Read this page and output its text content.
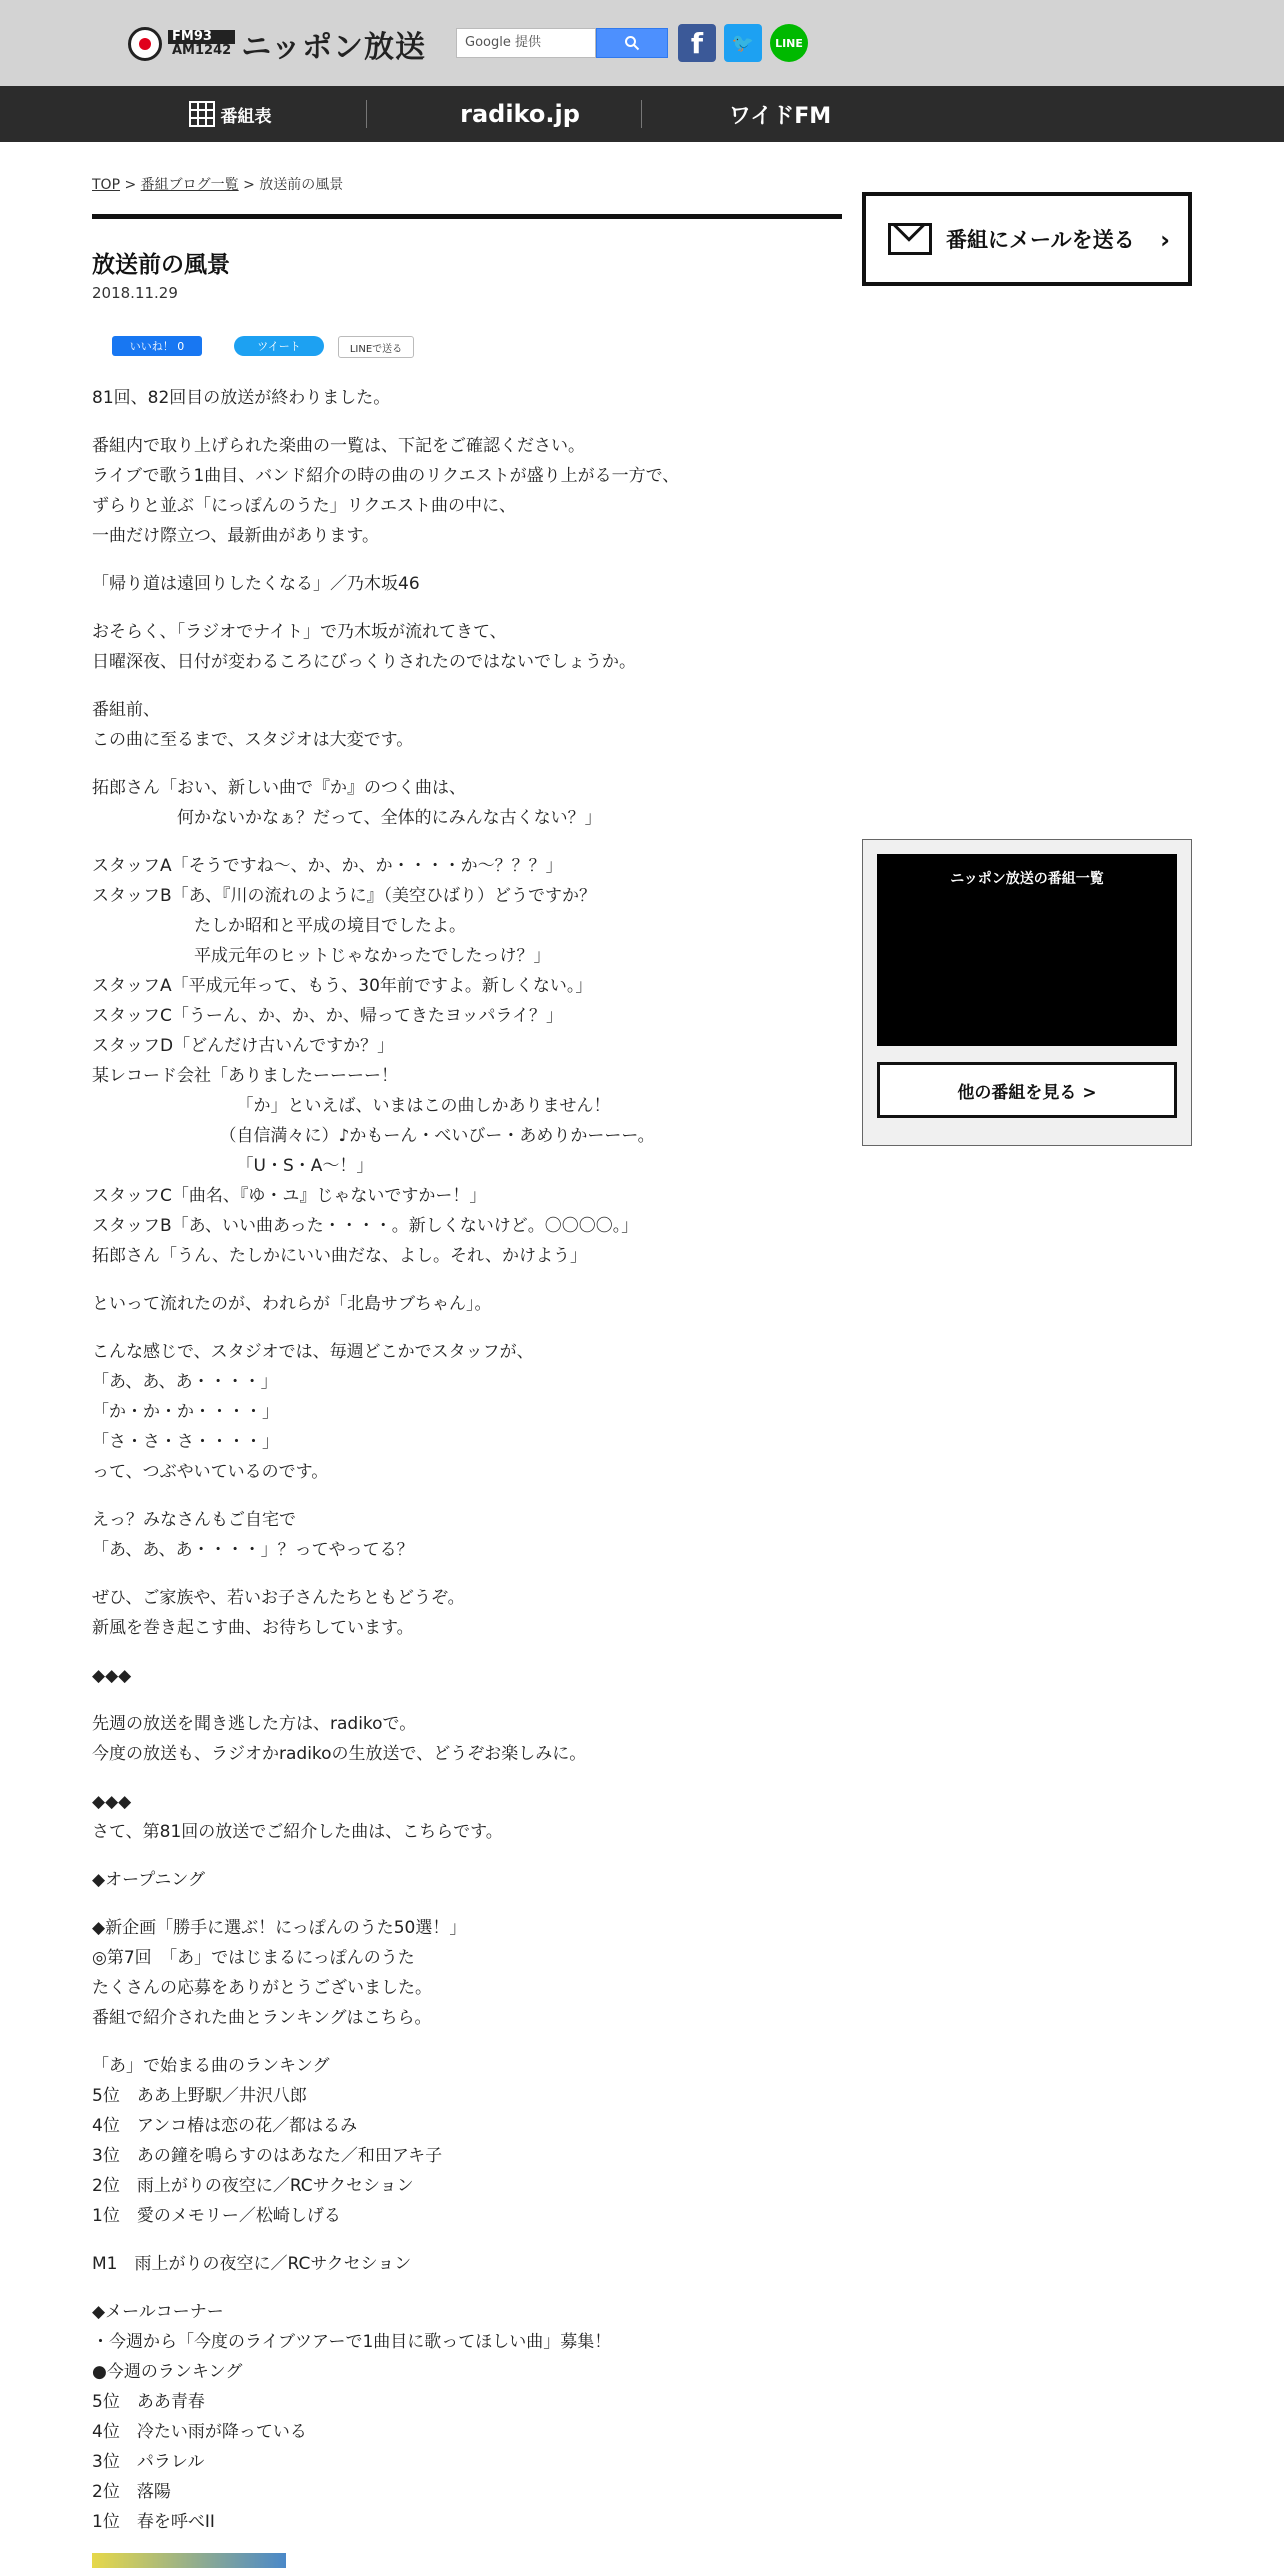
FM93
AM1242 ニッポン放送	Google 提供	f	🐦	LINE
番組表	radiko.jp	ワイドFM
TOP > 番組ブログ一覧 > 放送前の風景
放送前の風景
2018.11.29
いいね！ 0	ツイート	LINEで送る

81回、82回目の放送が終わりました。

番組内で取り上げられた楽曲の一覧は、下記をご確認ください。
ライブで歌う1曲目、バンド紹介の時の曲のリクエストが盛り上がる一方で、
ずらりと並ぶ「にっぽんのうた」リクエスト曲の中に、
一曲だけ際立つ、最新曲があります。

「帰り道は遠回りしたくなる」／乃木坂46

おそらく、「ラジオでナイト」で乃木坂が流れてきて、
日曜深夜、日付が変わるころにびっくりされたのではないでしょうか。

番組前、
この曲に至るまで、スタジオは大変です。

拓郎さん「おい、新しい曲で『か』のつく曲は、
　　　　　何かないかなぁ？だって、全体的にみんな古くない？」

スタッフA「そうですね～、か、か、か・・・・か～？？？」
スタッフB「あ、『川の流れのように』（美空ひばり）どうですか？
　　　　　　たしか昭和と平成の境目でしたよ。
　　　　　　平成元年のヒットじゃなかったでしたっけ？」
スタッフA「平成元年って、もう、30年前ですよ。新しくない。」
スタッフC「うーん、か、か、か、帰ってきたヨッパライ？」
スタッフD「どんだけ古いんですか？」
某レコード会社「ありましたーーーー！
　　　　　　　　　「か」といえば、いまはこの曲しかありません！
　　　　　　　　（自信満々に）♪かもーん・べいびー・あめりかーーー。
　　　　　　　　　「U・S・A～！」
スタッフC「曲名、『ゆ・ユ』じゃないですかー！」
スタッフB「あ、いい曲あった・・・・。新しくないけど。〇〇〇〇。」
拓郎さん「うん、たしかにいい曲だな、よし。それ、かけよう」

といって流れたのが、われらが「北島サブちゃん」。

こんな感じで、スタジオでは、毎週どこかでスタッフが、
「あ、あ、あ・・・・」
「か・か・か・・・・」
「さ・さ・さ・・・・」
って、つぶやいているのです。

えっ？みなさんもご自宅で
「あ、あ、あ・・・・」？ってやってる？

ぜひ、ご家族や、若いお子さんたちともどうぞ。
新風を巻き起こす曲、お待ちしています。

◆◆◆

先週の放送を聞き逃した方は、radikoで。
今度の放送も、ラジオかradikoの生放送で、どうぞお楽しみに。

◆◆◆
さて、第81回の放送でご紹介した曲は、こちらです。

◆オープニング

◆新企画「勝手に選ぶ！にっぽんのうた50選！」
◎第7回　「あ」ではじまるにっぽんのうた
たくさんの応募をありがとうございました。
番組で紹介された曲とランキングはこちら。

「あ」で始まる曲のランキング
5位　ああ上野駅／井沢八郎
4位　アンコ椿は恋の花／都はるみ
3位　あの鐘を鳴らすのはあなた／和田アキ子
2位　雨上がりの夜空に／RCサクセション
1位　愛のメモリー／松崎しげる

M1　雨上がりの夜空に／RCサクセション

◆メールコーナー
・今週から「今度のライブツアーで1曲目に歌ってほしい曲」募集！
●今週のランキング
5位　ああ青春
4位　冷たい雨が降っている
3位　パラレル
2位　落陽
1位　春を呼べII

番組にメールを送る ›
ニッポン放送の番組一覧
他の番組を見る >
